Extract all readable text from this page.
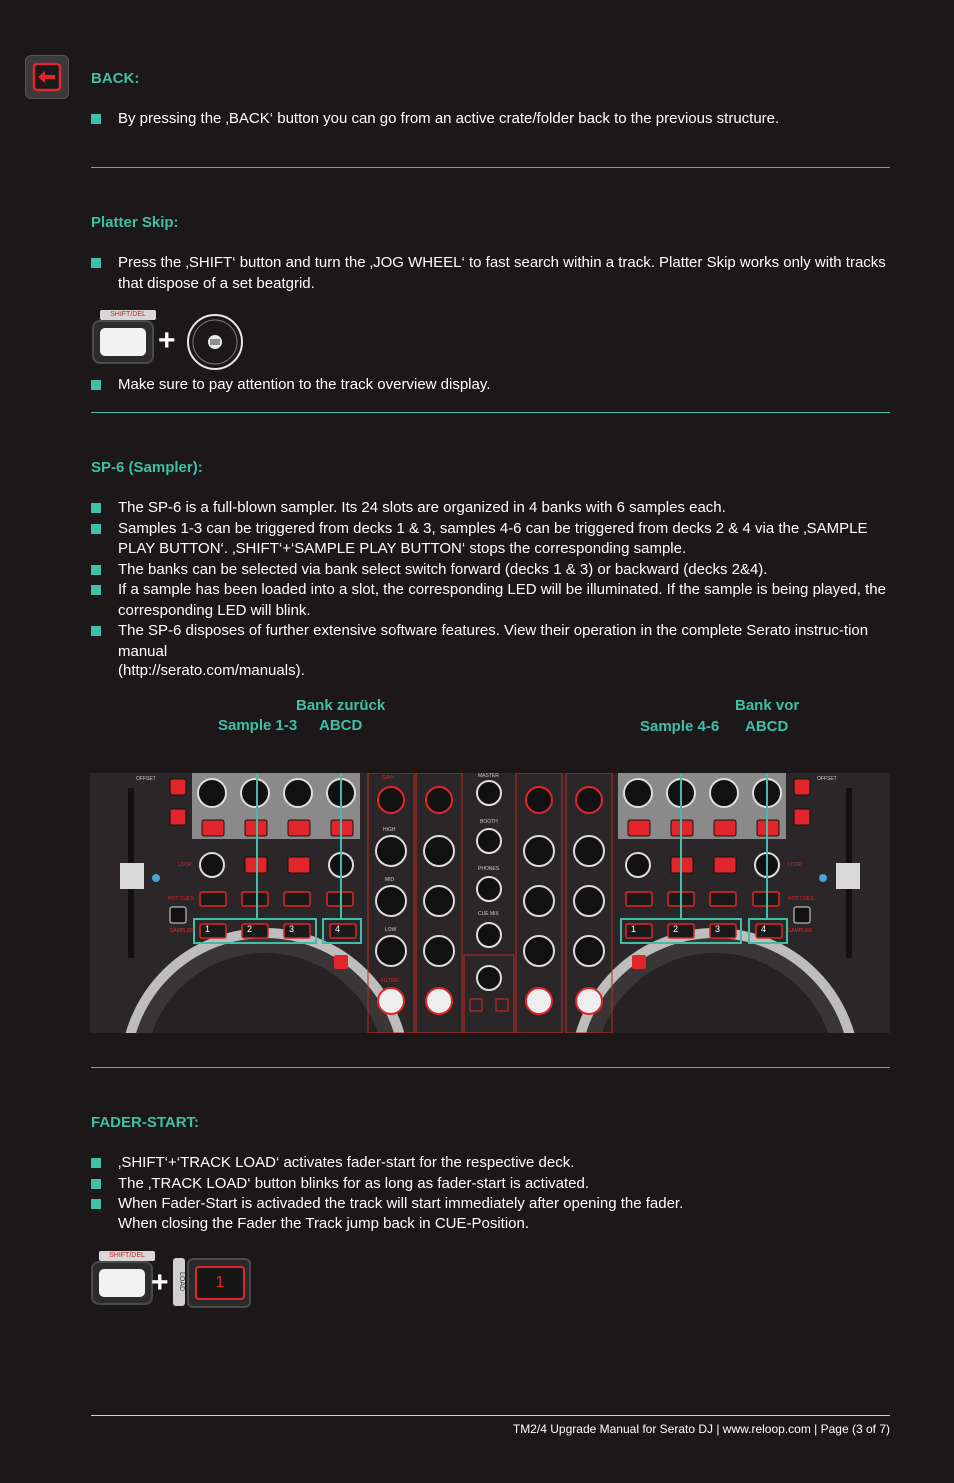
BACK:
By pressing the ‚BACK‘ button you can go from an active crate/folder back to the previous structure.
Platter Skip:
Press the ‚SHIFT‘ button and turn the ‚JOG WHEEL‘ to fast search within a track. Platter Skip works only with tracks that dispose of a set beatgrid.
SHIFT/DEL
+
Make sure to pay attention to the track overview display.
SP-6 (Sampler):
The SP-6 is a full-blown sampler. Its 24 slots are organized in 4 banks with 6 samples each.
Samples 1-3 can be triggered from decks 1 & 3, samples 4-6 can be triggered from decks 2 & 4 via the ‚SAMPLE PLAY BUTTON‘. ‚SHIFT‘+‘SAMPLE PLAY BUTTON‘ stops the corresponding sample.
The banks can be selected via bank select switch forward (decks 1 & 3) or backward (decks 2&4).
If a sample has been loaded into a slot, the corresponding LED will be illuminated. If the sample is being played, the corresponding LED will blink.
The SP-6 disposes of further extensive software features. View their operation in the complete Serato instruc-tion manual
(http://serato.com/manuals).
Sample 1-3
Bank zurück
ABCD	Sample 4-6
Bank vor
ABCD
1	2	3	4	1	2	3	4
OFFSET	OFFSET
LOOP	LOOP
HOT CUES	HOT CUES
SAMPLER	SAMPLER
MASTER
BOOTH
PHONES
CUE MIX
GAIN
HIGH
MID
LOW
FILTER
FADER-START:
‚SHIFT‘+‘TRACK LOAD‘ activates fader-start for the respective deck.
The ‚TRACK LOAD‘ button blinks for as long as fader-start is activated.
When Fader-Start is activaded the track will start immediately after opening the fader.
When closing the Fader the Track jump back in CUE-Position.
SHIFT/DEL
+	LOAD	1
TM2/4 Upgrade Manual for Serato DJ | www.reloop.com | Page (3 of 7)
